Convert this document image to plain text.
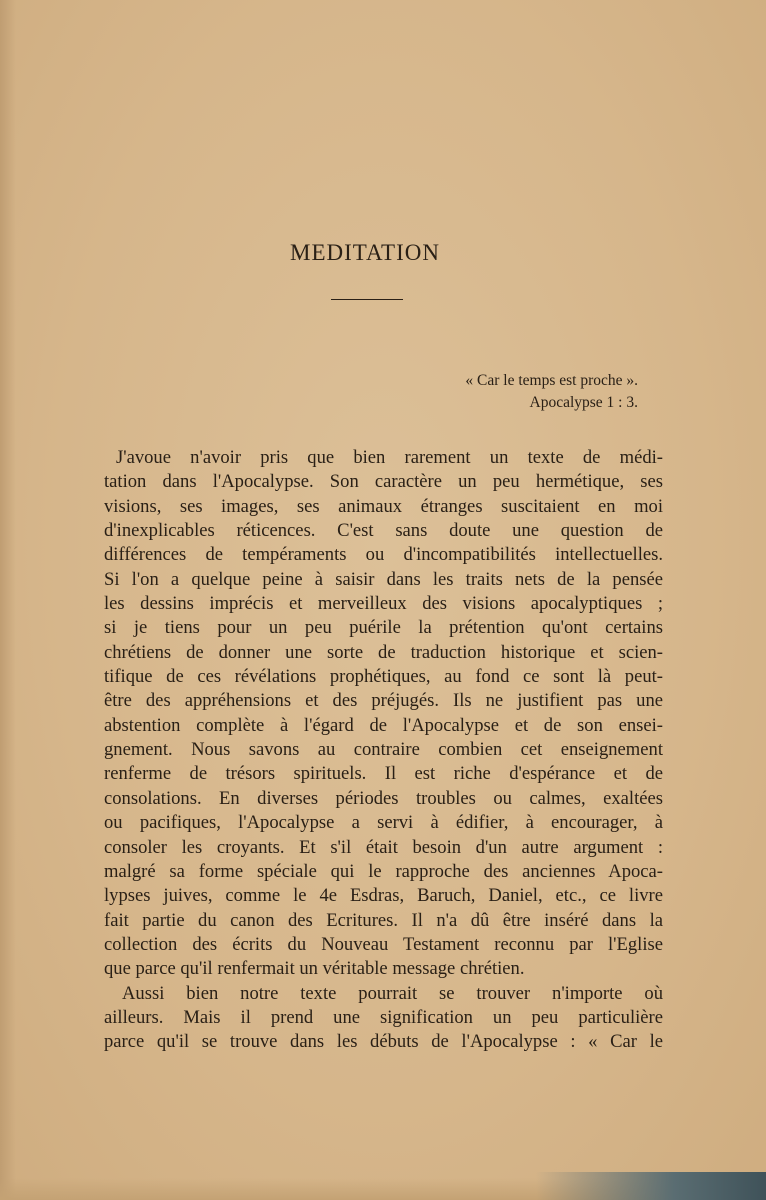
MEDITATION
« Car le temps est proche ».
Apocalypse 1 : 3.
J'avoue n'avoir pris que bien rarement un texte de médi-
tation dans l'Apocalypse. Son caractère un peu hermétique, ses
visions, ses images, ses animaux étranges suscitaient en moi
d'inexplicables réticences. C'est sans doute une question de
différences de tempéraments ou d'incompatibilités intellectuelles.
Si l'on a quelque peine à saisir dans les traits nets de la pensée
les dessins imprécis et merveilleux des visions apocalyptiques ;
si je tiens pour un peu puérile la prétention qu'ont certains
chrétiens de donner une sorte de traduction historique et scien-
tifique de ces révélations prophétiques, au fond ce sont là peut-
être des appréhensions et des préjugés. Ils ne justifient pas une
abstention complète à l'égard de l'Apocalypse et de son ensei-
gnement. Nous savons au contraire combien cet enseignement
renferme de trésors spirituels. Il est riche d'espérance et de
consolations. En diverses périodes troubles ou calmes, exaltées
ou pacifiques, l'Apocalypse a servi à édifier, à encourager, à
consoler les croyants. Et s'il était besoin d'un autre argument :
malgré sa forme spéciale qui le rapproche des anciennes Apoca-
lypses juives, comme le 4e Esdras, Baruch, Daniel, etc., ce livre
fait partie du canon des Ecritures. Il n'a dû être inséré dans la
collection des écrits du Nouveau Testament reconnu par l'Eglise
que parce qu'il renfermait un véritable message chrétien.
Aussi bien notre texte pourrait se trouver n'importe où
ailleurs. Mais il prend une signification un peu particulière
parce qu'il se trouve dans les débuts de l'Apocalypse : « Car le
